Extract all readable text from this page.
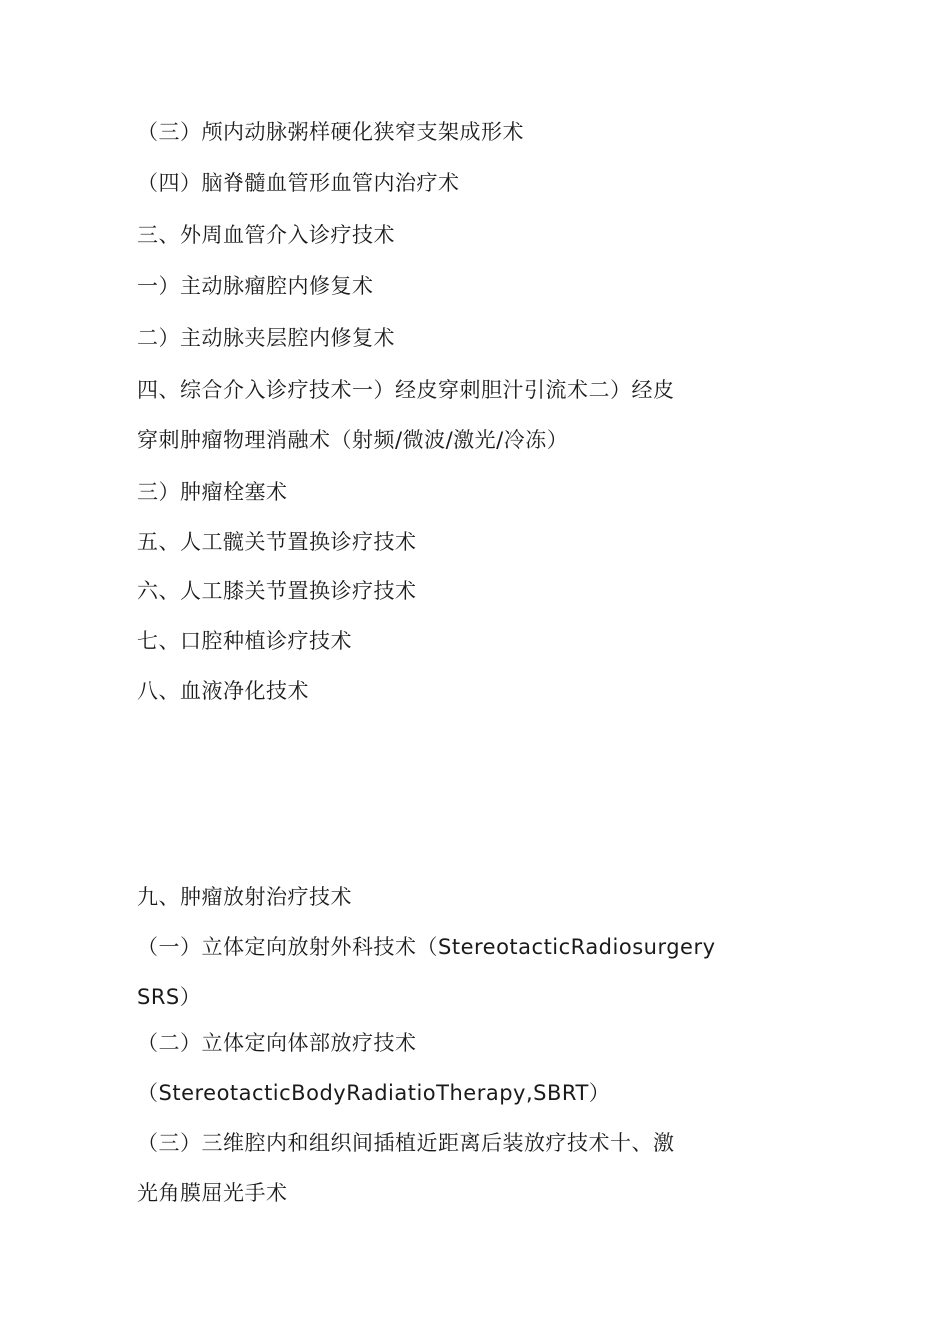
（三）颅内动脉粥样硬化狭窄支架成形术
（四）脑脊髓血管形血管内治疗术
三、外周血管介入诊疗技术
一）主动脉瘤腔内修复术
二）主动脉夹层腔内修复术
四、综合介入诊疗技术一）经皮穿刺胆汁引流术二）经皮
穿刺肿瘤物理消融术（射频/微波/激光/冷冻）
三）肿瘤栓塞术
五、人工髋关节置换诊疗技术
六、人工膝关节置换诊疗技术
七、口腔种植诊疗技术
八、血液净化技术
九、肿瘤放射治疗技术
（一）立体定向放射外科技术（StereotacticRadiosurgery
SRS）
（二）立体定向体部放疗技术
（StereotacticBodyRadiatioTherapy,SBRT）
（三）三维腔内和组织间插植近距离后装放疗技术十、激
光角膜屈光手术
